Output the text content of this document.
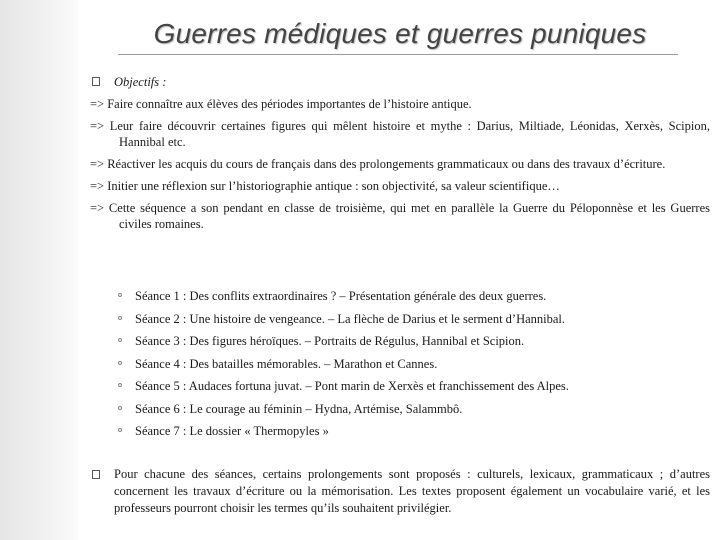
Guerres médiques et guerres puniques
Objectifs :
=> Faire connaître aux élèves des périodes importantes de l’histoire antique.
=> Leur faire découvrir certaines figures qui mêlent histoire et mythe : Darius, Miltiade, Léonidas, Xerxès, Scipion, Hannibal etc.
=> Réactiver les acquis du cours de français dans des prolongements grammaticaux ou dans des travaux d’écriture.
=> Initier une réflexion sur l’historiographie antique : son objectivité, sa valeur scientifique…
=> Cette séquence a son pendant en classe de troisième, qui met en parallèle la Guerre du Péloponnèse et les Guerres civiles romaines.
Séance 1 : Des conflits extraordinaires ? – Présentation générale des deux guerres.
Séance 2 : Une histoire de vengeance. – La flèche de Darius et le serment d’Hannibal.
Séance 3 : Des figures héroïques. – Portraits de Régulus, Hannibal et Scipion.
Séance 4 : Des batailles mémorables. – Marathon et Cannes.
Séance 5 : Audaces fortuna juvat. – Pont marin de Xerxès et franchissement des Alpes.
Séance 6 : Le courage au féminin – Hydna, Artémise, Salammbô.
Séance 7 : Le dossier « Thermopyles »
Pour chacune des séances, certains prolongements sont proposés : culturels, lexicaux, grammaticaux ; d’autres concernent les travaux d’écriture ou la mémorisation. Les textes proposent également un vocabulaire varié, et les professeurs pourront choisir les termes qu’ils souhaitent privilégier.
